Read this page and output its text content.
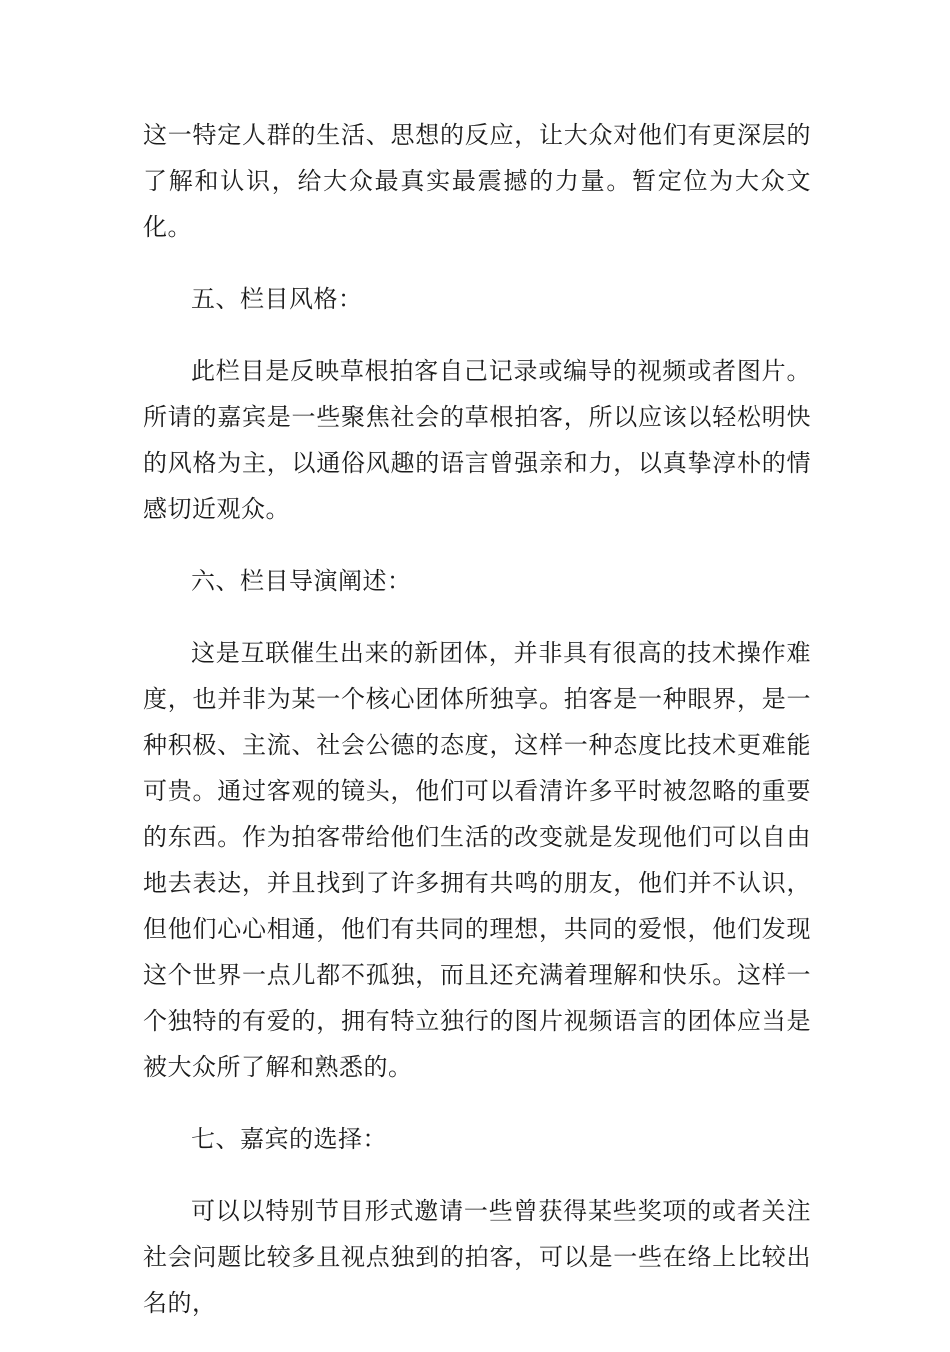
这一特定人群的生活、思想的反应，让大众对他们有更深层的了解和认识，给大众最真实最震撼的力量。暂定位为大众文化。

五、栏目风格：

此栏目是反映草根拍客自己记录或编导的视频或者图片。所请的嘉宾是一些聚焦社会的草根拍客，所以应该以轻松明快的风格为主，以通俗风趣的语言曾强亲和力，以真挚淳朴的情感切近观众。

六、栏目导演阐述：

这是互联催生出来的新团体，并非具有很高的技术操作难度，也并非为某一个核心团体所独享。拍客是一种眼界，是一种积极、主流、社会公德的态度，这样一种态度比技术更难能可贵。通过客观的镜头，他们可以看清许多平时被忽略的重要的东西。作为拍客带给他们生活的改变就是发现他们可以自由地去表达，并且找到了许多拥有共鸣的朋友，他们并不认识，但他们心心相通，他们有共同的理想，共同的爱恨，他们发现这个世界一点儿都不孤独，而且还充满着理解和快乐。这样一个独特的有爱的，拥有特立独行的图片视频语言的团体应当是被大众所了解和熟悉的。

七、嘉宾的选择：

可以以特别节目形式邀请一些曾获得某些奖项的或者关注社会问题比较多且视点独到的拍客，可以是一些在络上比较出名的，
